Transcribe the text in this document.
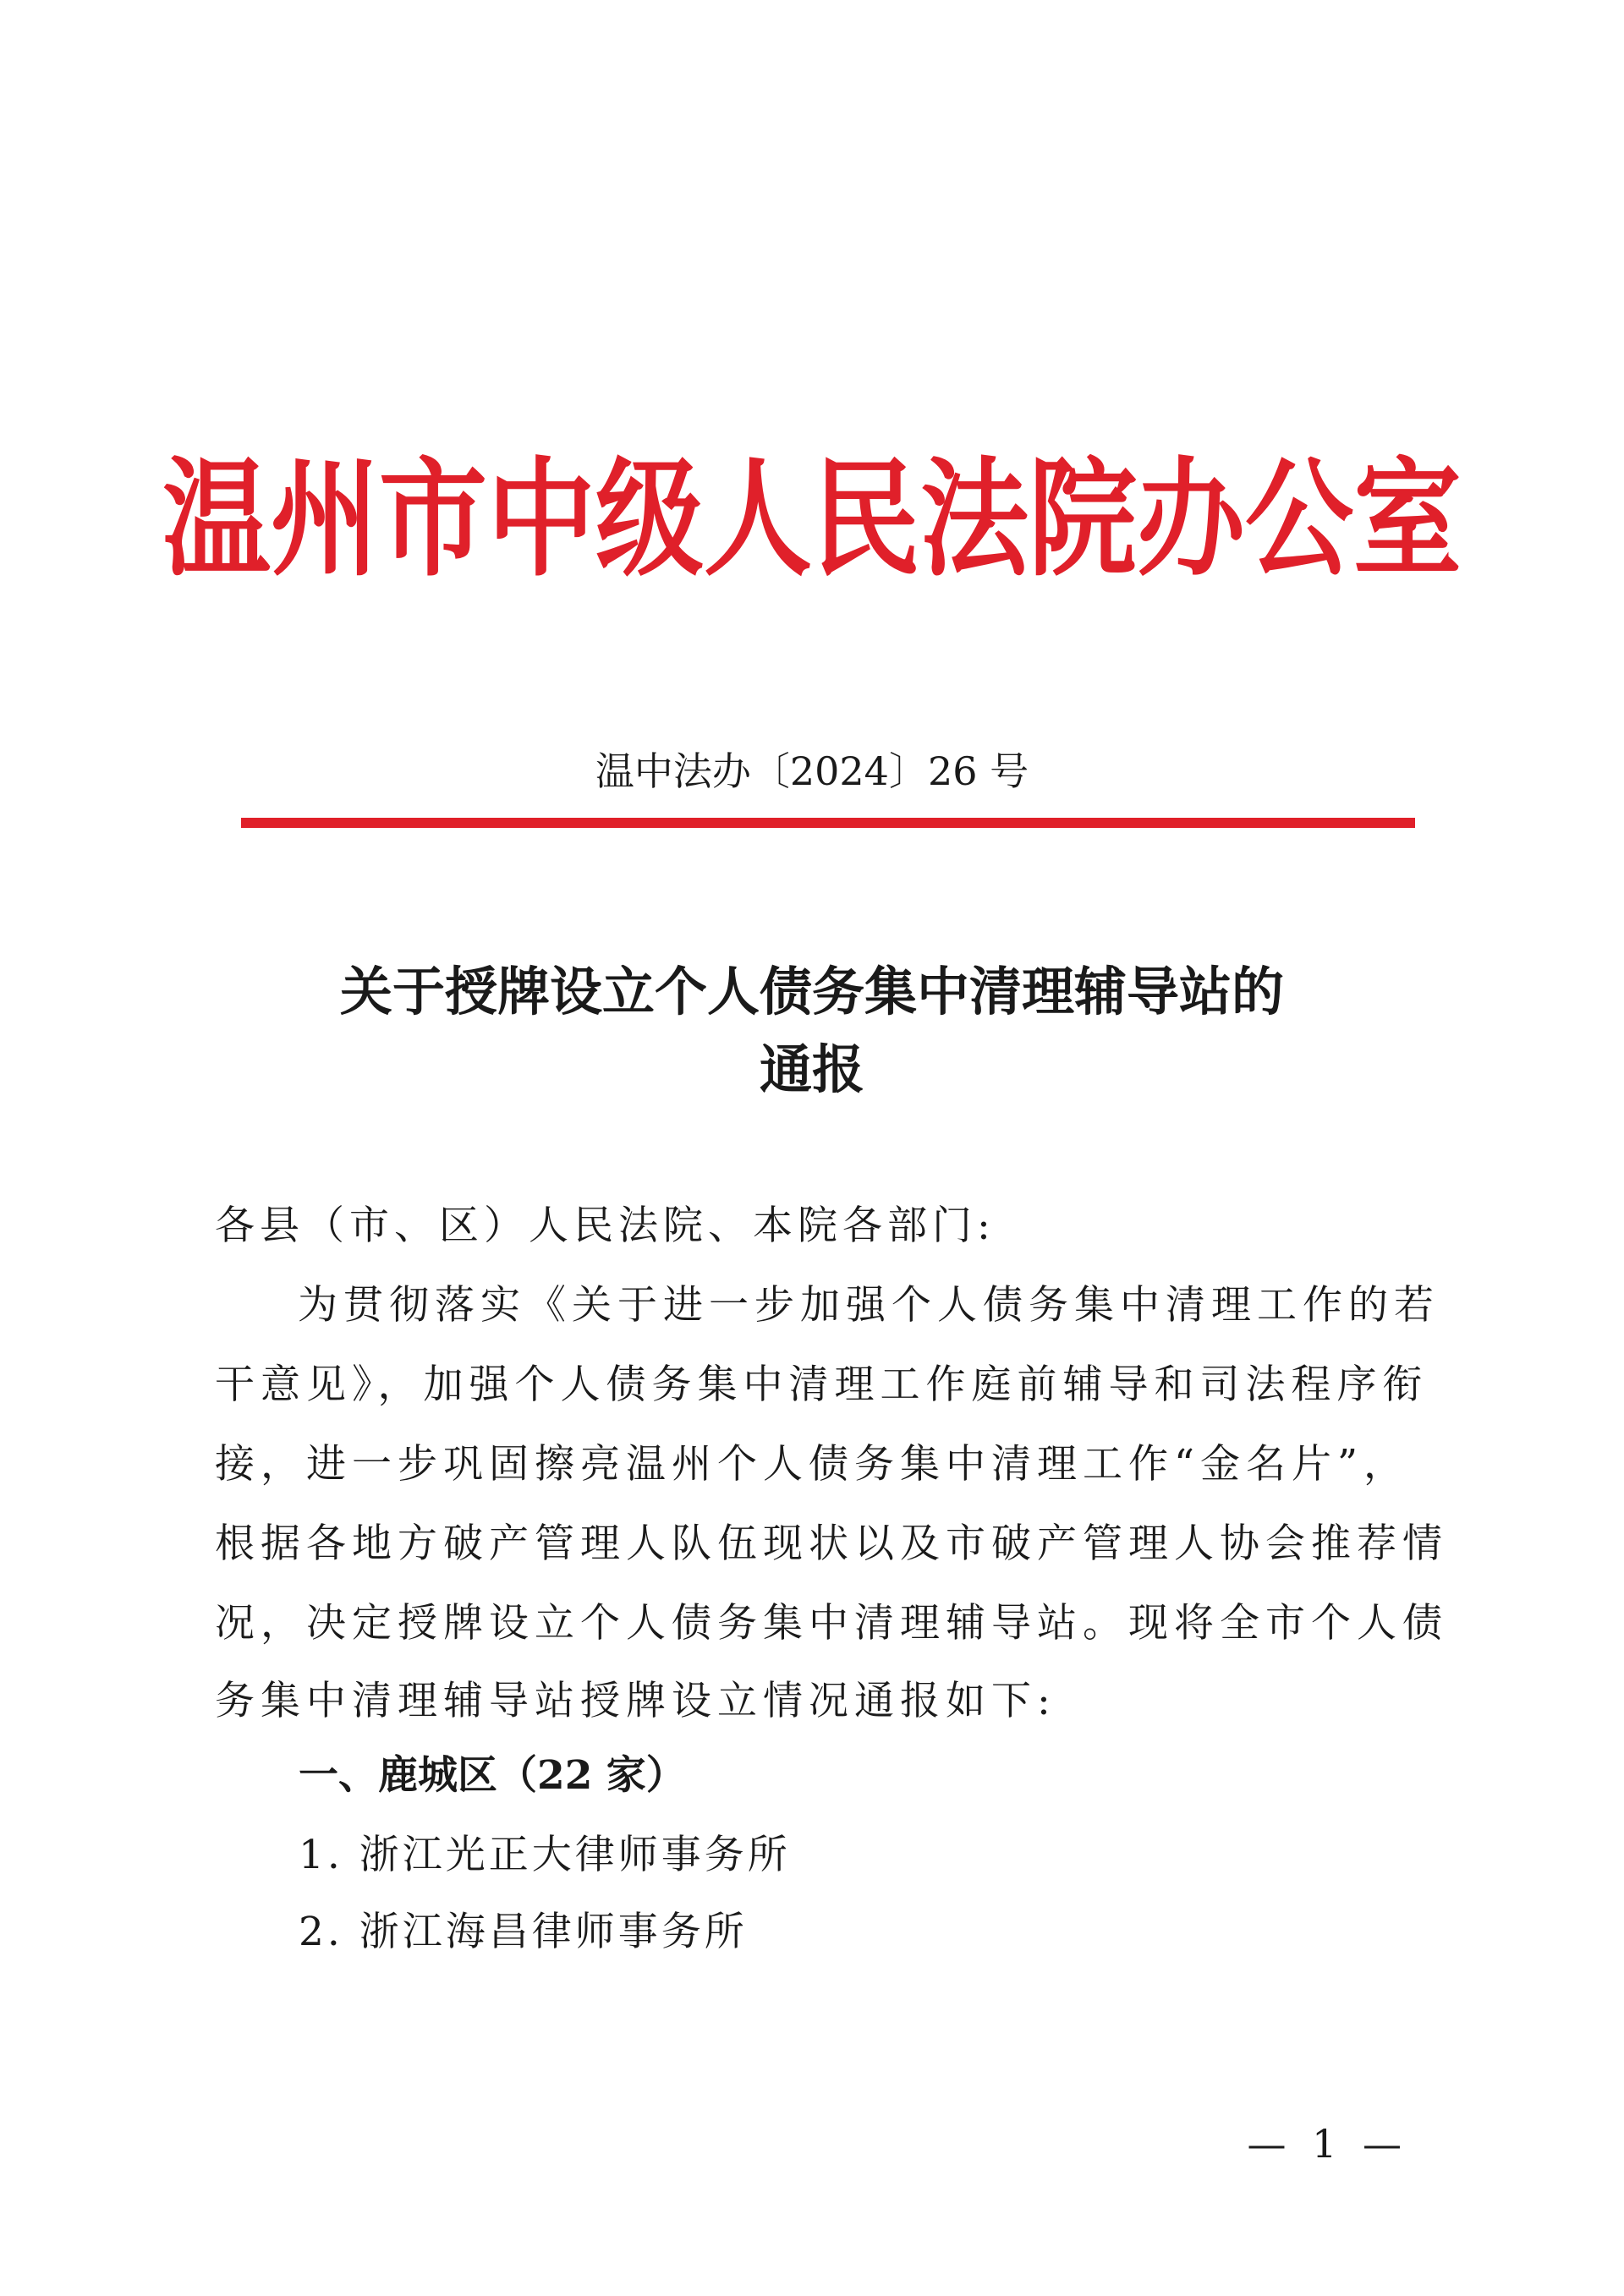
温州市中级人民法院办公室
温中法办〔2024〕26 号
关于授牌设立个人债务集中清理辅导站的
通报
各县（市、区）人民法院、本院各部门:
为贯彻落实《关于进一步加强个人债务集中清理工作的若
干意见》，加强个人债务集中清理工作庭前辅导和司法程序衔
接，进一步巩固擦亮温州个人债务集中清理工作“金名片”，
根据各地方破产管理人队伍现状以及市破产管理人协会推荐情
况，决定授牌设立个人债务集中清理辅导站。现将全市个人债
务集中清理辅导站授牌设立情况通报如下:
一、鹿城区（22 家）
1. 浙江光正大律师事务所
2. 浙江海昌律师事务所
— 1 —
